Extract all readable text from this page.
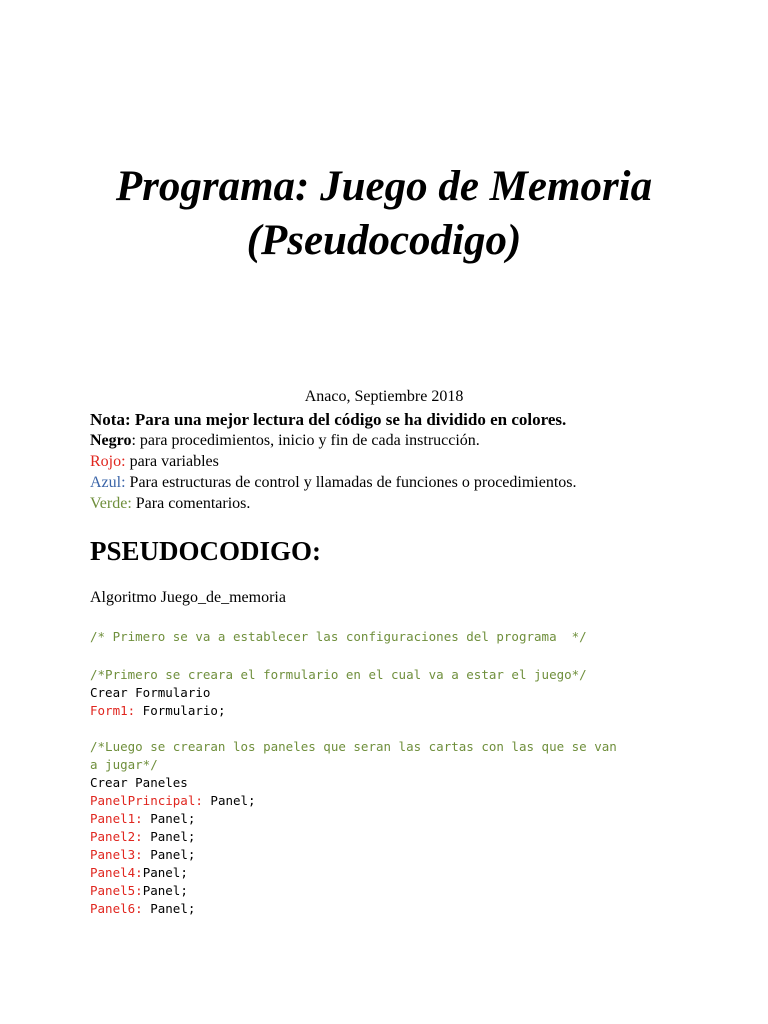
Programa: Juego de Memoria
(Pseudocodigo)
Anaco, Septiembre 2018
Nota: Para una mejor lectura del código se ha dividido en colores.
Negro: para procedimientos, inicio y fin de cada instrucción.
Rojo: para variables
Azul: Para estructuras de control y llamadas de funciones o procedimientos.
Verde: Para comentarios.
PSEUDOCODIGO:
Algoritmo Juego_de_memoria
/* Primero se va a establecer las configuraciones del programa  */
/*Primero se creara el formulario en el cual va a estar el juego*/
Crear Formulario
Form1: Formulario;
/*Luego se crearan los paneles que seran las cartas con las que se van
a jugar*/
Crear Paneles
PanelPrincipal: Panel;
Panel1: Panel;
Panel2: Panel;
Panel3: Panel;
Panel4:Panel;
Panel5:Panel;
Panel6: Panel;
